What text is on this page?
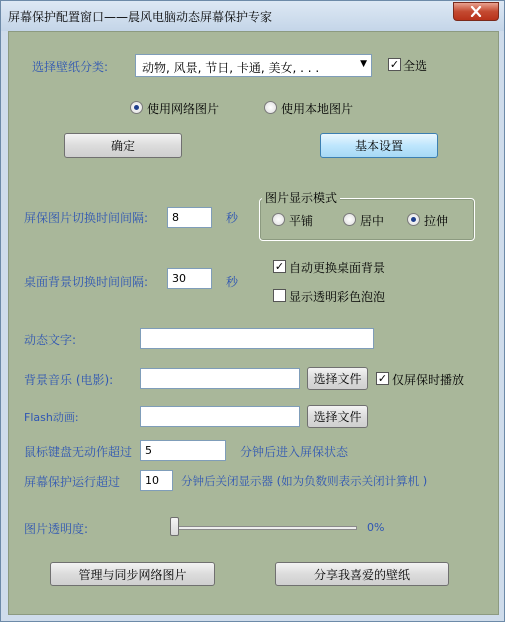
屏幕保护配置窗口——晨风电脑动态屏幕保护专家
选择壁纸分类:	动物, 风景, 节日, 卡通, 美女, . . .	▼ ✓ 全选
使用网络图片	使用本地图片
确定	基本设置
屏保图片切换时间间隔:	8	秒
图片显示模式
平铺	居中	拉伸
桌面背景切换时间间隔:	30	秒
✓ 自动更换桌面背景
显示透明彩色泡泡
动态文字:
背景音乐 (电影):	选择文件	✓ 仅屏保时播放
Flash动画:	选择文件
鼠标键盘无动作超过	5	分钟后进入屏保状态
屏幕保护运行超过	10	分钟后关闭显示器 (如为负数则表示关闭计算机 )
图片透明度:	0%
管理与同步网络图片	分享我喜爱的壁纸
